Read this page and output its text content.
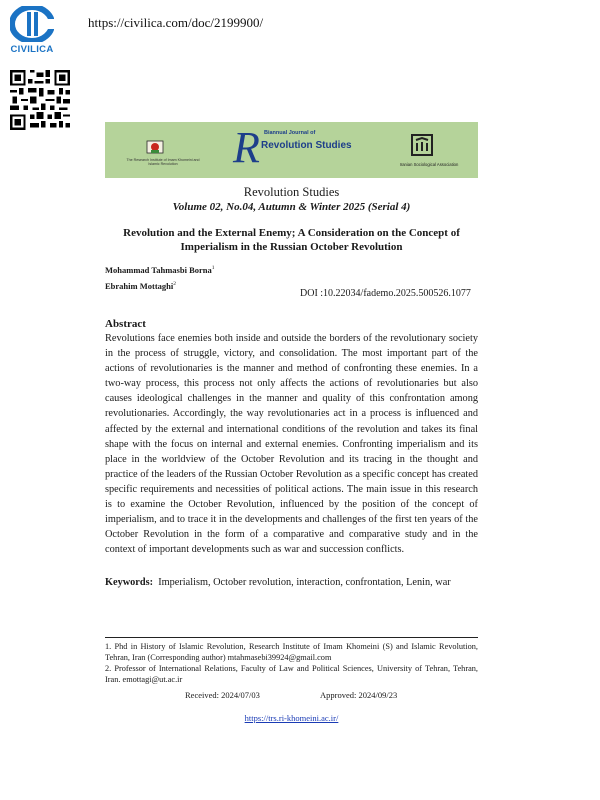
CIVILICA
https://civilica.com/doc/2199900/
The Research Institute of Imam Khomeini and Islamic Revolution	R Biannual Journal of
Revolution Studies
Iranian Sociological Association
Revolution Studies
Volume 02, No.04, Autumn & Winter 2025 (Serial 4)
Revolution and the External Enemy; A Consideration on the Concept of Imperialism in the Russian October Revolution
Mohammad Tahmasbi Borna$^1$
Ebrahim Mottaghi$^2$
DOI :10.22034/fademo.2025.500526.1077
Abstract
Revolutions face enemies both inside and outside the borders of the revolutionary society in the process of struggle, victory, and consolidation. The most important part of the actions of revolutionaries is the manner and method of confronting these enemies. In a two-way process, this process not only affects the actions of revolutionaries but also causes ideological challenges in the manner and quality of this confrontation among revolutionaries. Accordingly, the way revolutionaries act in a process is influenced and affected by the external and international conditions of the revolution and takes its final shape with the focus on internal and external enemies. Confronting imperialism and its place in the worldview of the October Revolution and its tracing in the thought and practice of the leaders of the Russian October Revolution as a specific concept has created specific requirements and necessities of political actions. The main issue in this research is to examine the October Revolution, influenced by the position of the concept of imperialism, and to trace it in the developments and challenges of the first ten years of the October Revolution in the form of a comparative and comparative study and in the context of important developments such as war and succession conflicts.
Keywords: Imperialism, October revolution, interaction, confrontation, Lenin, war
1. Phd in History of Islamic Revolution, Research Institute of Imam Khomeini (S) and Islamic Revolution, Tehran, Iran (Corresponding author) mtahmasebi39924@gmail.com
2. Professor of International Relations, Faculty of Law and Political Sciences, University of Tehran, Tehran, Iran. emottagi@ut.ac.ir
Received: 2024/07/03	Approved: 2024/09/23
https://trs.ri-khomeini.ac.ir/
